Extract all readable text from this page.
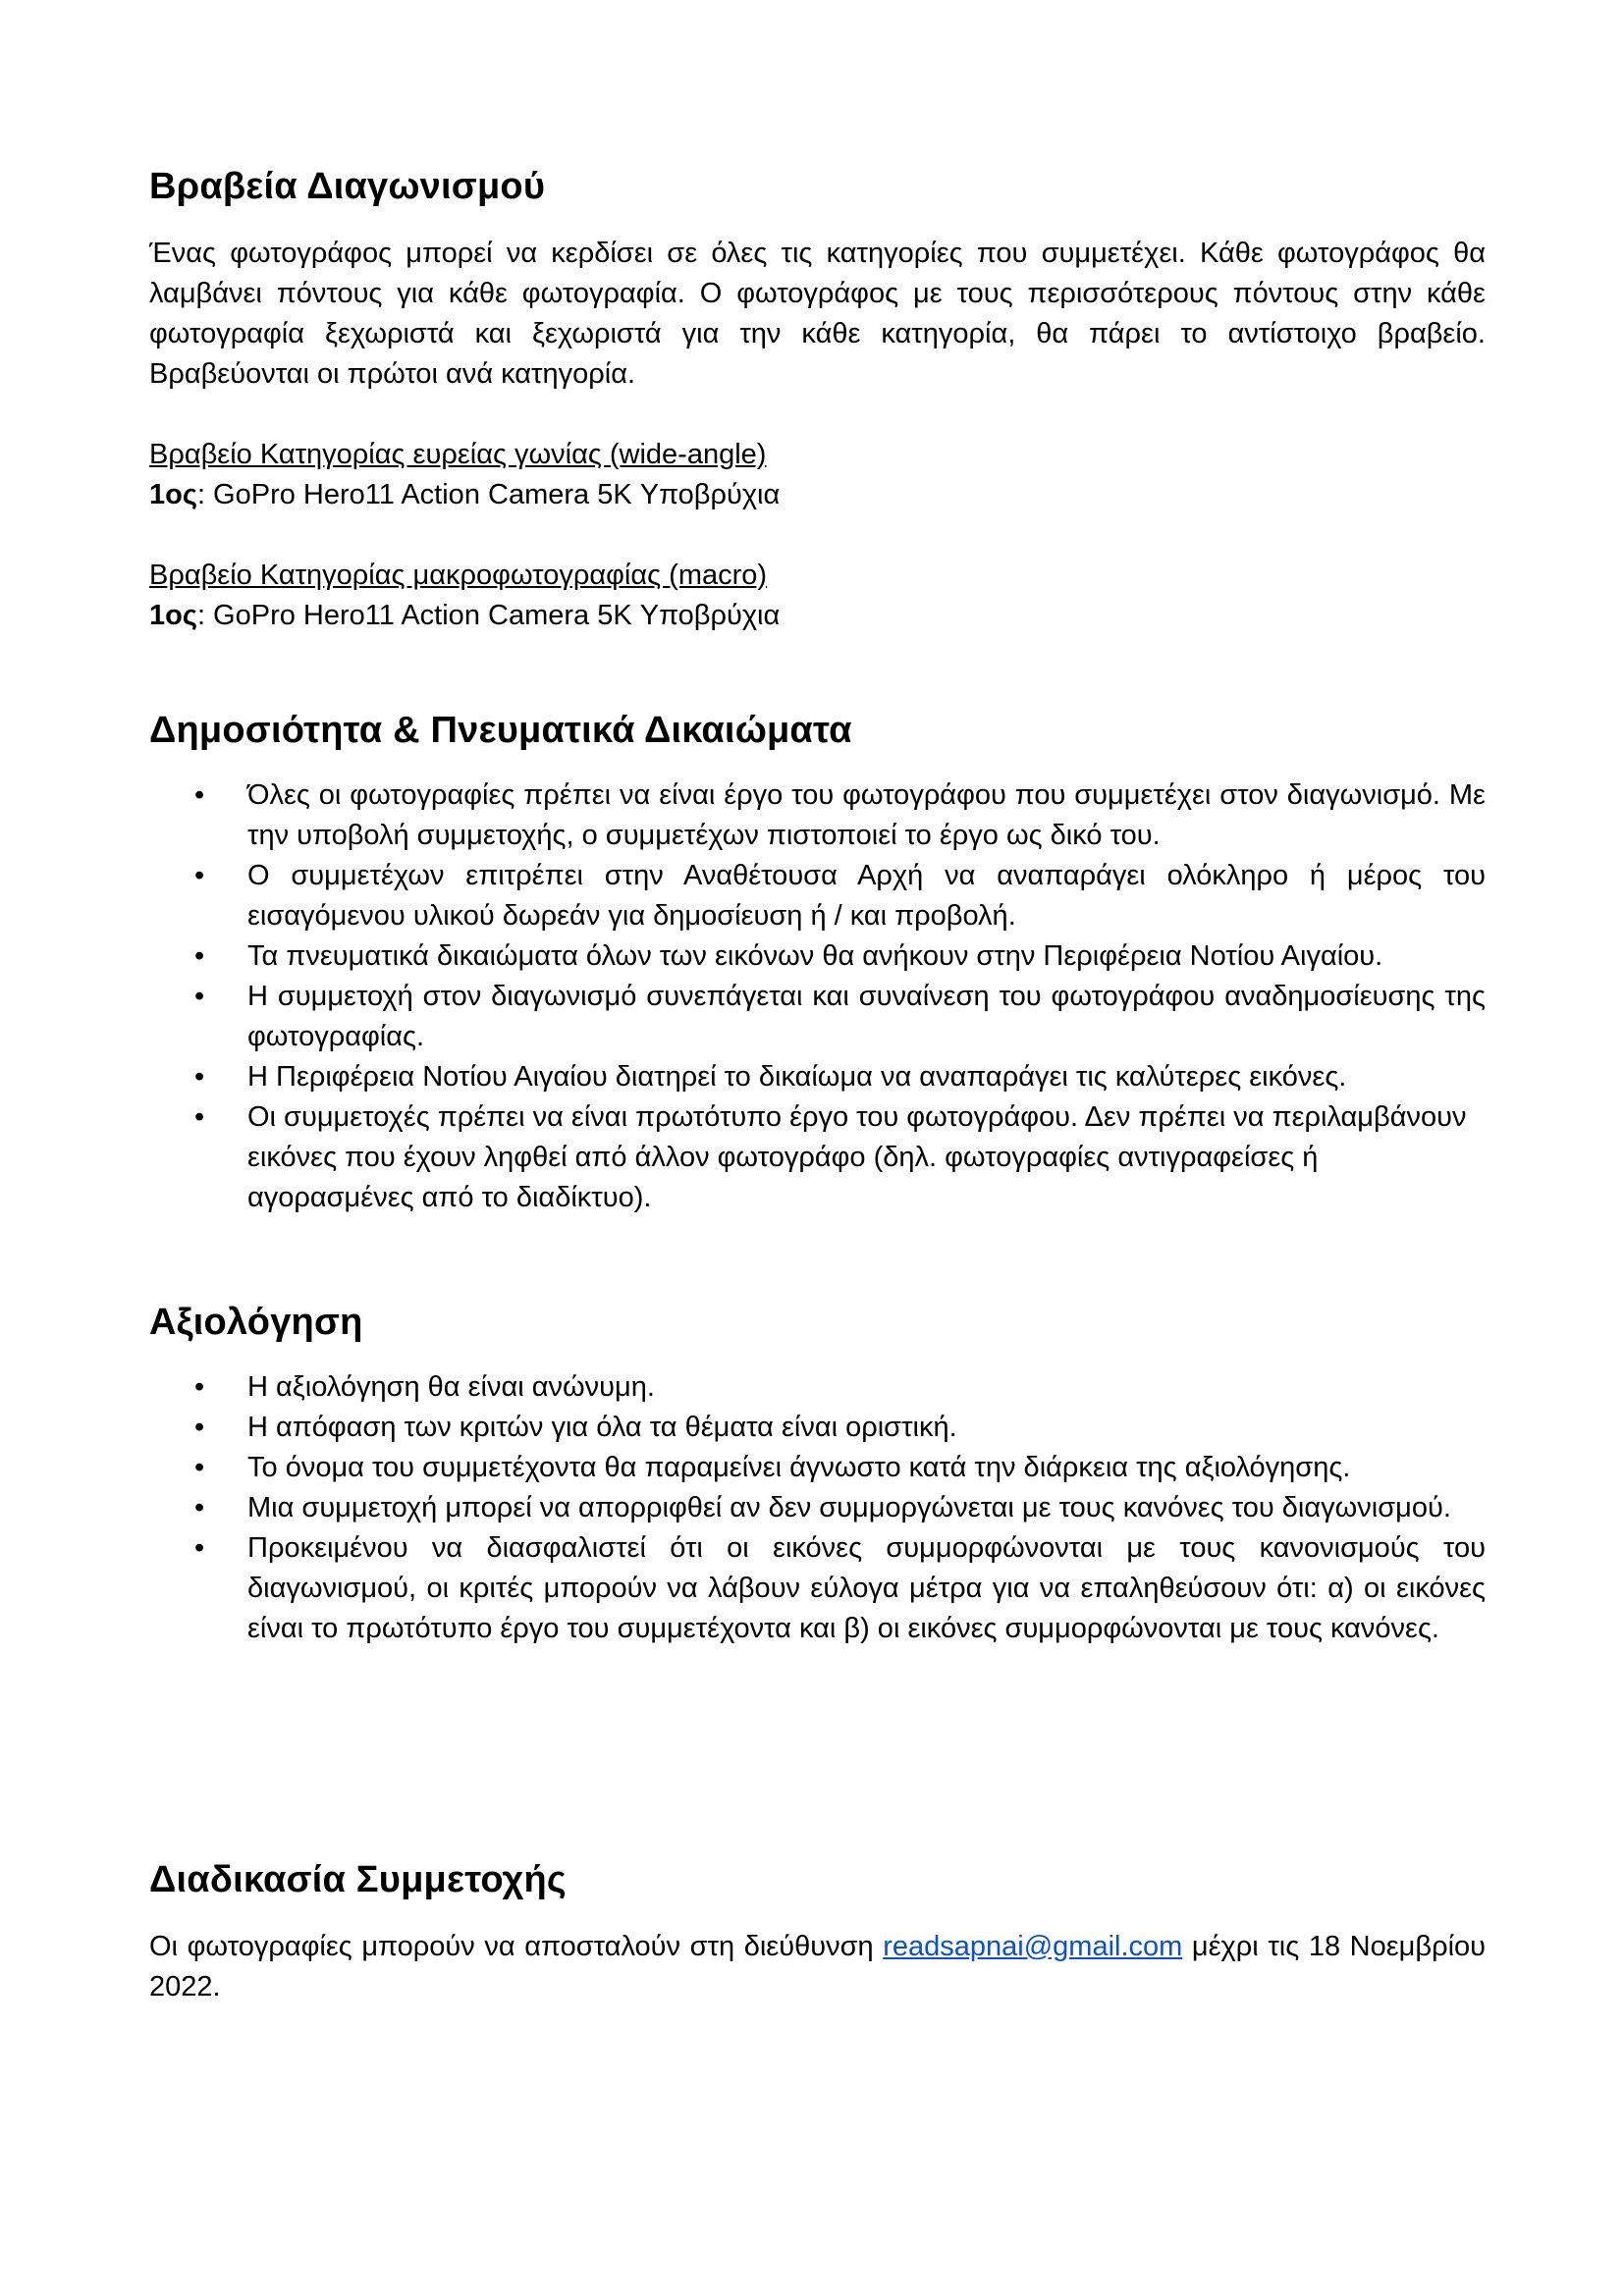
Βραβεία Διαγωνισμού

Ένας φωτογράφος μπορεί να κερδίσει σε όλες τις κατηγορίες που συμμετέχει. Κάθε φωτογράφος θα λαμβάνει πόντους για κάθε φωτογραφία. Ο φωτογράφος με τους περισσότερους πόντους στην κάθε φωτογραφία ξεχωριστά και ξεχωριστά για την κάθε κατηγορία, θα πάρει το αντίστοιχο βραβείο. Βραβεύονται οι πρώτοι ανά κατηγορία.

Βραβείο Κατηγορίας ευρείας γωνίας (wide-angle)

1ος: GoPro Hero11 Action Camera 5K Υποβρύχια

Βραβείο Κατηγορίας μακροφωτογραφίας (macro)

1ος: GoPro Hero11 Action Camera 5K Υποβρύχια

Δημοσιότητα & Πνευματικά Δικαιώματα
• Όλες οι φωτογραφίες πρέπει να είναι έργο του φωτογράφου που συμμετέχει στον διαγωνισμό. Με την υποβολή συμμετοχής, ο συμμετέχων πιστοποιεί το έργο ως δικό του.
• Ο συμμετέχων επιτρέπει στην Αναθέτουσα Αρχή να αναπαράγει ολόκληρο ή μέρος του εισαγόμενου υλικού δωρεάν για δημοσίευση ή / και προβολή.
• Τα πνευματικά δικαιώματα όλων των εικόνων θα ανήκουν στην Περιφέρεια Νοτίου Αιγαίου.
• Η συμμετοχή στον διαγωνισμό συνεπάγεται και συναίνεση του φωτογράφου αναδημοσίευσης της φωτογραφίας.
• Η Περιφέρεια Νοτίου Αιγαίου διατηρεί το δικαίωμα να αναπαράγει τις καλύτερες εικόνες.
• Οι συμμετοχές πρέπει να είναι πρωτότυπο έργο του φωτογράφου. Δεν πρέπει να περιλαμβάνουν εικόνες που έχουν ληφθεί από άλλον φωτογράφο (δηλ. φωτογραφίες αντιγραφείσες ή αγορασμένες από το διαδίκτυο).
Αξιολόγηση
• Η αξιολόγηση θα είναι ανώνυμη.
• Η απόφαση των κριτών για όλα τα θέματα είναι οριστική.
• Το όνομα του συμμετέχοντα θα παραμείνει άγνωστο κατά την διάρκεια της αξιολόγησης.
• Μια συμμετοχή μπορεί να απορριφθεί αν δεν συμμοργώνεται με τους κανόνες του διαγωνισμού.
• Προκειμένου να διασφαλιστεί ότι οι εικόνες συμμορφώνονται με τους κανονισμούς του διαγωνισμού, οι κριτές μπορούν να λάβουν εύλογα μέτρα για να επαληθεύσουν ότι: α) οι εικόνες είναι το πρωτότυπο έργο του συμμετέχοντα και β) οι εικόνες συμμορφώνονται με τους κανόνες.
Διαδικασία Συμμετοχής

Οι φωτογραφίες μπορούν να αποσταλούν στη διεύθυνση readsapnai@gmail.com μέχρι τις 18 Νοεμβρίου 2022.
